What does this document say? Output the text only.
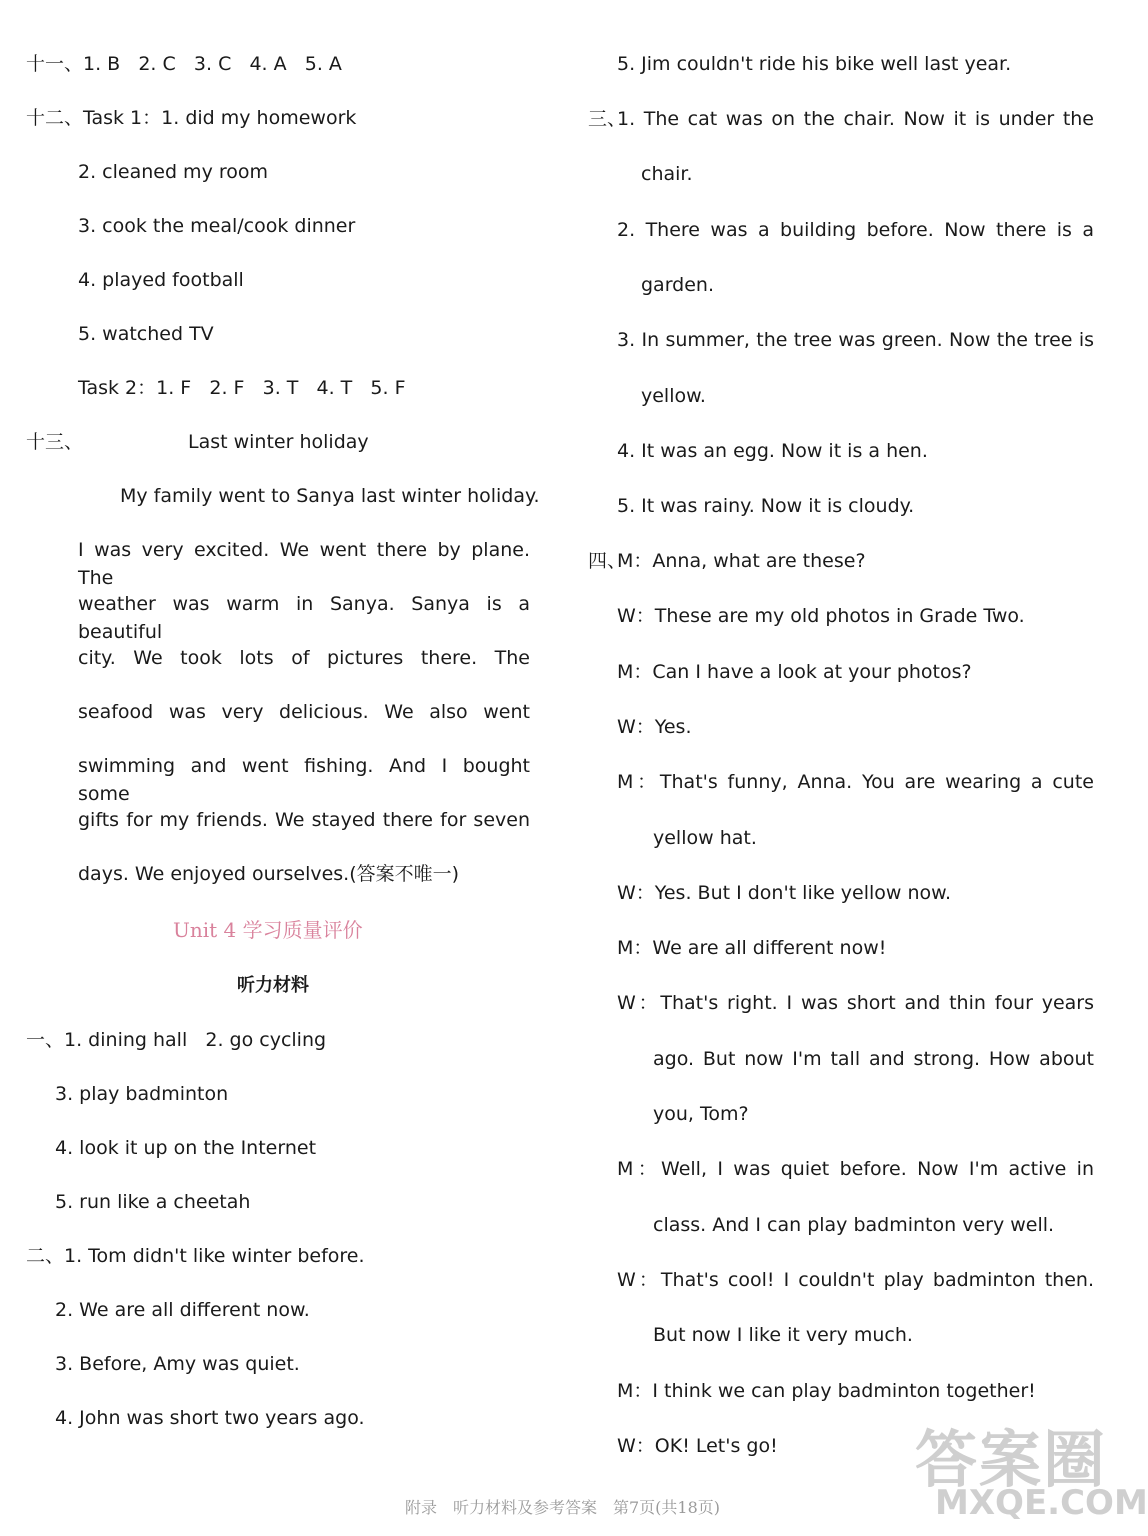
十一、1. B 2. C 3. C 4. A 5. A
十二、Task 1：1. did my homework
2. cleaned my room
3. cook the meal/cook dinner
4. played football
5. watched TV
Task 2：1. F 2. F 3. T 4. T 5. F
十三、	Last winter holiday
My family went to Sanya last winter holiday.
I was very excited. We went there by plane. The
weather was warm in Sanya. Sanya is a beautiful
city. We took lots of pictures there. The
seafood was very delicious. We also went
swimming and went fishing. And I bought some
gifts for my friends. We stayed there for seven
days. We enjoyed ourselves.(答案不唯一)
Unit 4 学习质量评价
听力材料
一、1. dining hall 2. go cycling
3. play badminton
4. look it up on the Internet
5. run like a cheetah
二、1. Tom didn't like winter before.
2. We are all different now.
3. Before, Amy was quiet.
4. John was short two years ago.
5. Jim couldn't ride his bike well last year.
三、
1. The cat was on the chair. Now it is under the
chair.
2. There was a building before. Now there is a
garden.
3. In summer, the tree was green. Now the tree is
yellow.
4. It was an egg. Now it is a hen.
5. It was rainy. Now it is cloudy.
四、
M：Anna, what are these?
W：These are my old photos in Grade Two.
M：Can I have a look at your photos?
W：Yes.
M：That's funny, Anna. You are wearing a cute
yellow hat.
W：Yes. But I don't like yellow now.
M：We are all different now!
W：That's right. I was short and thin four years
ago. But now I'm tall and strong. How about
you, Tom?
M：Well, I was quiet before. Now I'm active in
class. And I can play badminton very well.
W：That's cool! I couldn't play badminton then.
But now I like it very much.
M：I think we can play badminton together!
W：OK! Let's go!
附录　听力材料及参考答案　第7页(共18页)
答案圈
MXQE.COM
